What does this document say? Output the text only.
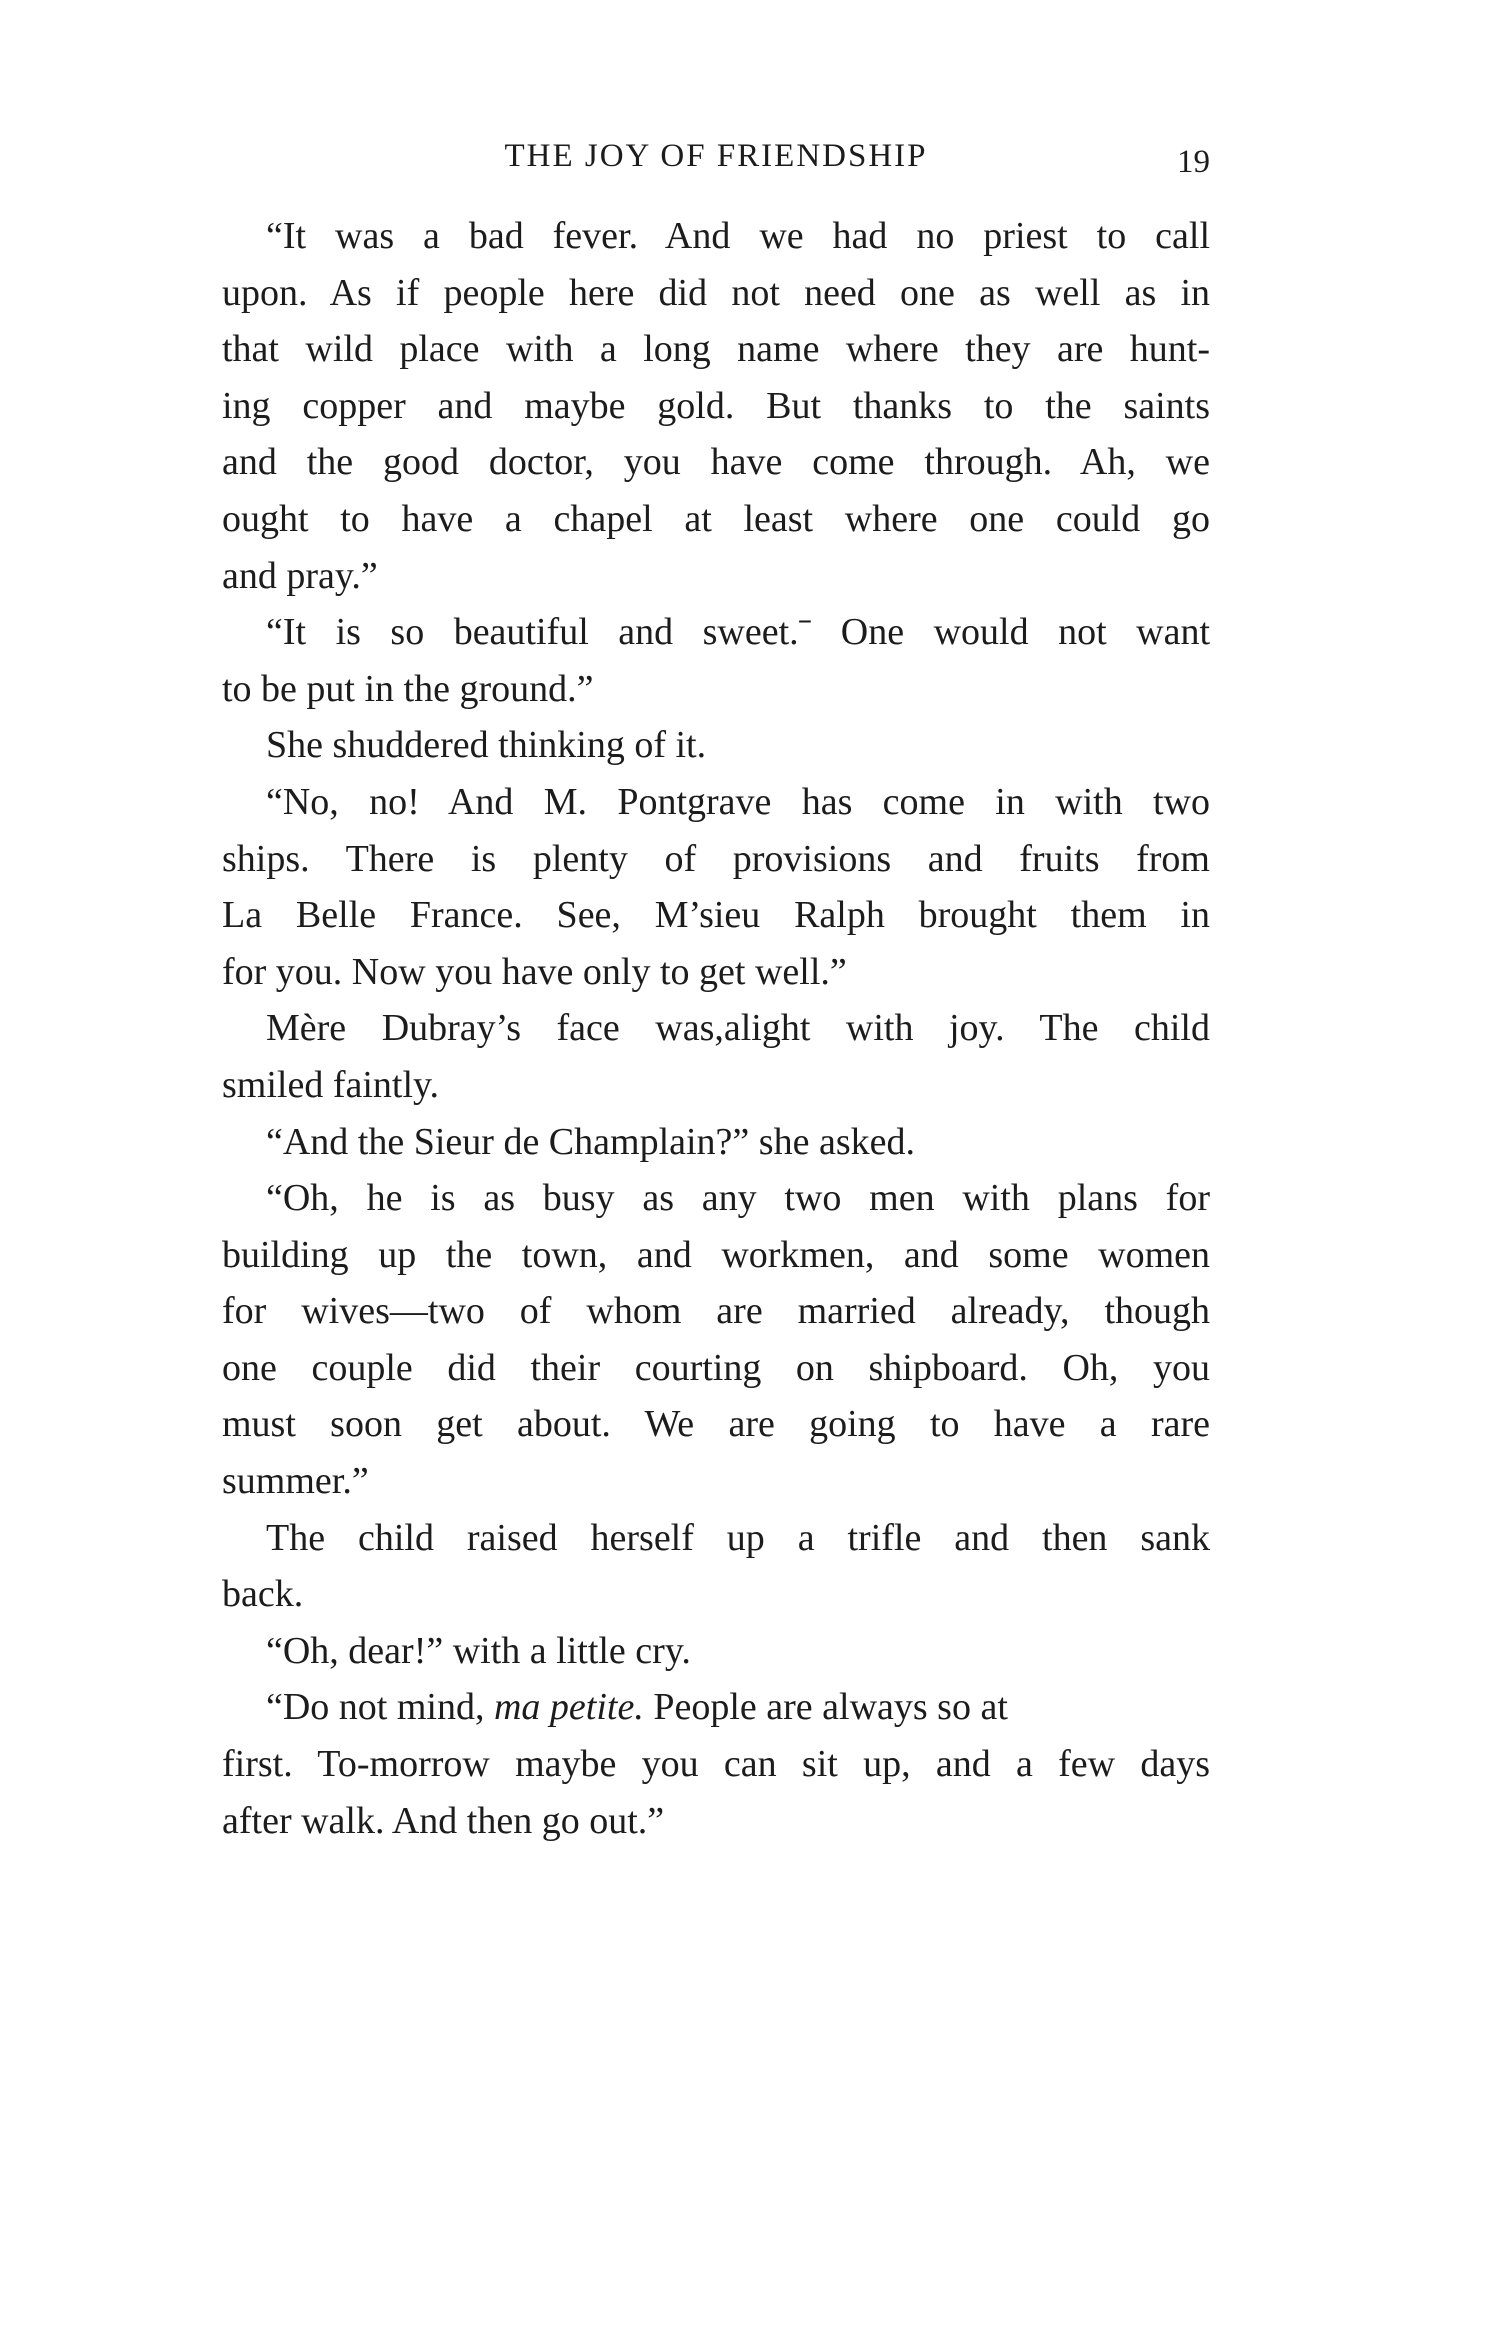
THE JOY OF FRIENDSHIP	19
“It was a bad fever. And we had no priest to call
upon. As if people here did not need one as well as in
that wild place with a long name where they are hunt-
ing copper and maybe gold. But thanks to the saints
and the good doctor, you have come through. Ah, we
ought to have a chapel at least where one could go
and pray.”
“It is so beautiful and sweet.ˉ One would not want
to be put in the ground.”
She shuddered thinking of it.
“No, no! And M. Pontgrave has come in with two
ships. There is plenty of provisions and fruits from
La Belle France. See, M’sieu Ralph brought them in
for you. Now you have only to get well.”
Mère Dubray’s face was,alight with joy. The child
smiled faintly.
“And the Sieur de Champlain?” she asked.
“Oh, he is as busy as any two men with plans for
building up the town, and workmen, and some women
for wives—two of whom are married already, though
one couple did their courting on shipboard. Oh, you
must soon get about. We are going to have a rare
summer.”
The child raised herself up a trifle and then sank
back.
“Oh, dear!” with a little cry.
“Do not mind, ma petite. People are always so at
first. To-morrow maybe you can sit up, and a few days
after walk. And then go out.”
